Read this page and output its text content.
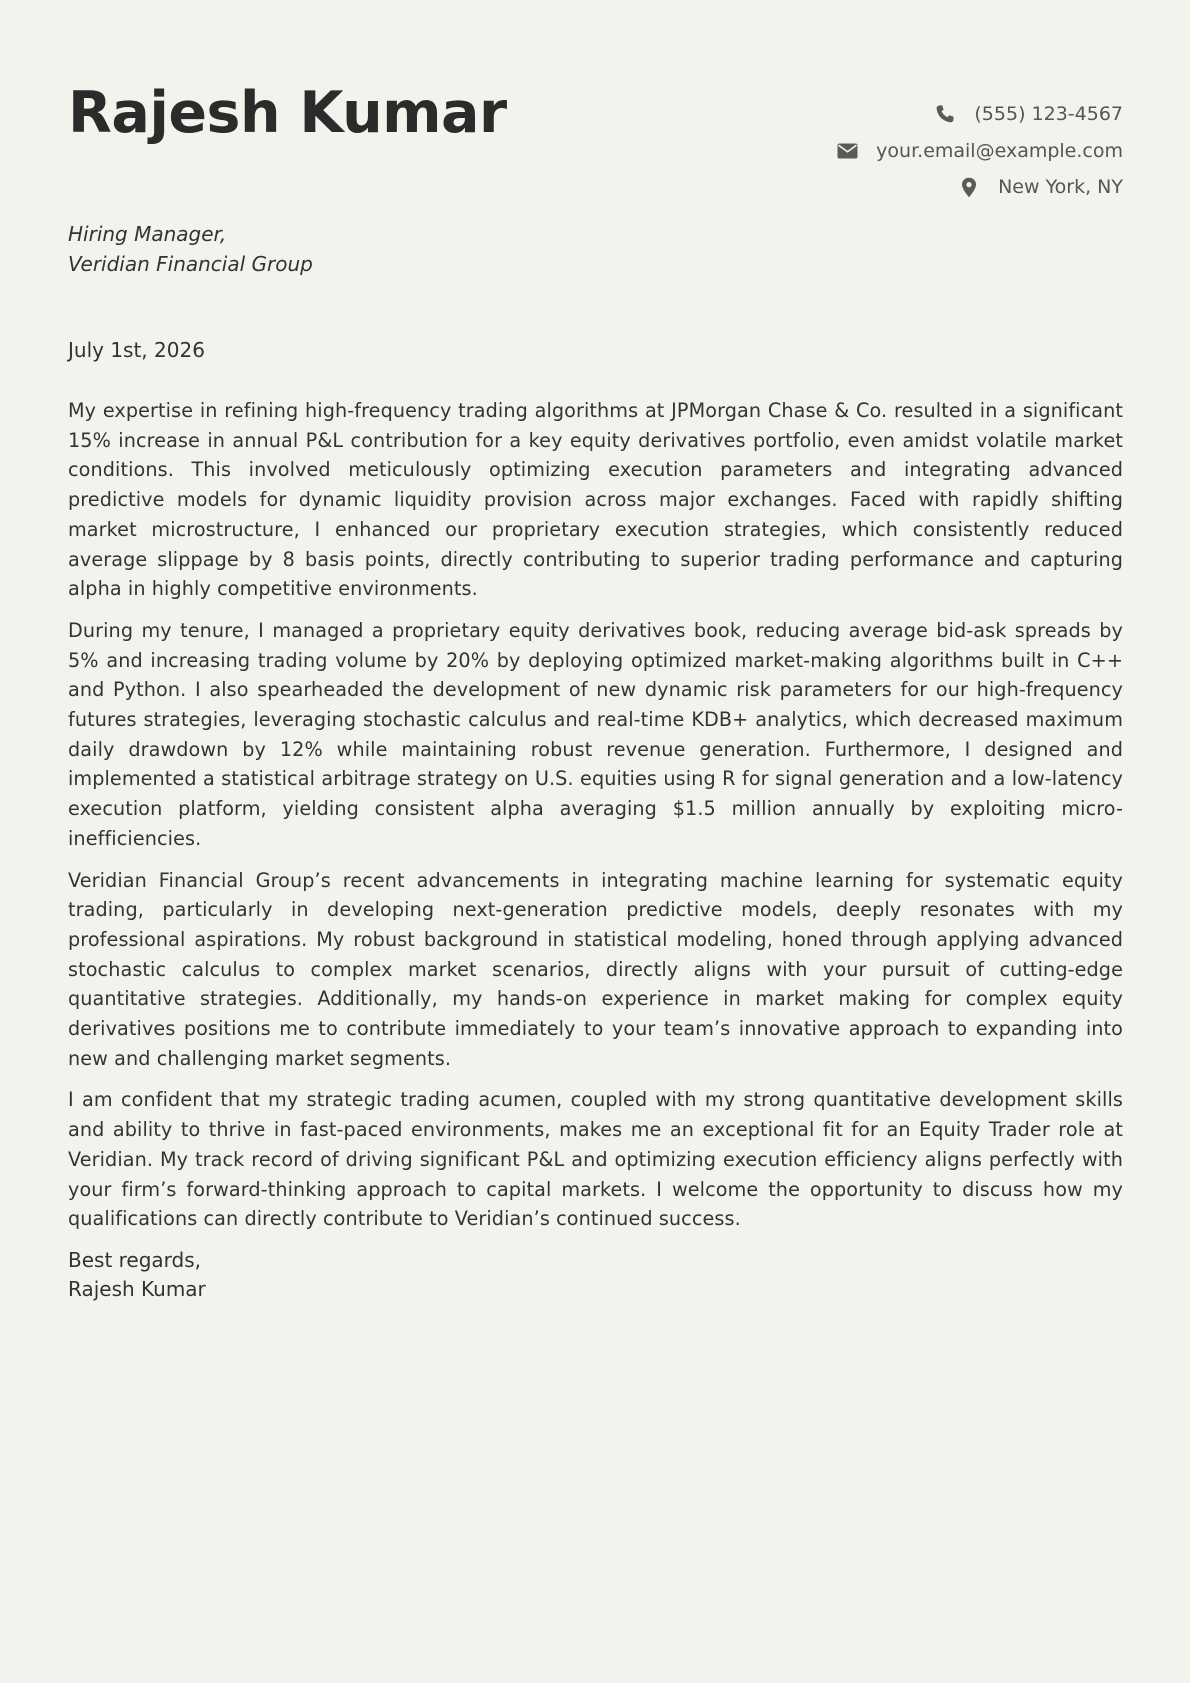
Rajesh Kumar	(555) 123-4567
your.email@example.com
New York, NY
Hiring Manager,
Veridian Financial Group
July 1st, 2026

My expertise in refining high-frequency trading algorithms at JPMorgan Chase & Co. resulted in a significant 15% increase in annual P&L contribution for a key equity derivatives portfolio, even amidst volatile market conditions. This involved meticulously optimizing execution parameters and integrating advanced predictive models for dynamic liquidity provision across major exchanges. Faced with rapidly shifting market microstructure, I enhanced our proprietary execution strategies, which consistently reduced average slippage by 8 basis points, directly contributing to superior trading performance and capturing alpha in highly competitive environments.

During my tenure, I managed a proprietary equity derivatives book, reducing average bid-ask spreads by 5% and increasing trading volume by 20% by deploying optimized market-making algorithms built in C++ and Python. I also spearheaded the development of new dynamic risk parameters for our high-frequency futures strategies, leveraging stochastic calculus and real-time KDB+ analytics, which decreased maximum daily drawdown by 12% while maintaining robust revenue generation. Furthermore, I designed and implemented a statistical arbitrage strategy on U.S. equities using R for signal generation and a low-latency execution platform, yielding consistent alpha averaging $1.5 million annually by exploiting micro-inefficiencies.

Veridian Financial Group’s recent advancements in integrating machine learning for systematic equity trading, particularly in developing next-generation predictive models, deeply resonates with my professional aspirations. My robust background in statistical modeling, honed through applying advanced stochastic calculus to complex market scenarios, directly aligns with your pursuit of cutting-edge quantitative strategies. Additionally, my hands-on experience in market making for complex equity derivatives positions me to contribute immediately to your team’s innovative approach to expanding into new and challenging market segments.

I am confident that my strategic trading acumen, coupled with my strong quantitative development skills and ability to thrive in fast-paced environments, makes me an exceptional fit for an Equity Trader role at Veridian. My track record of driving significant P&L and optimizing execution efficiency aligns perfectly with your firm’s forward-thinking approach to capital markets. I welcome the opportunity to discuss how my qualifications can directly contribute to Veridian’s continued success.

Best regards,
Rajesh Kumar
